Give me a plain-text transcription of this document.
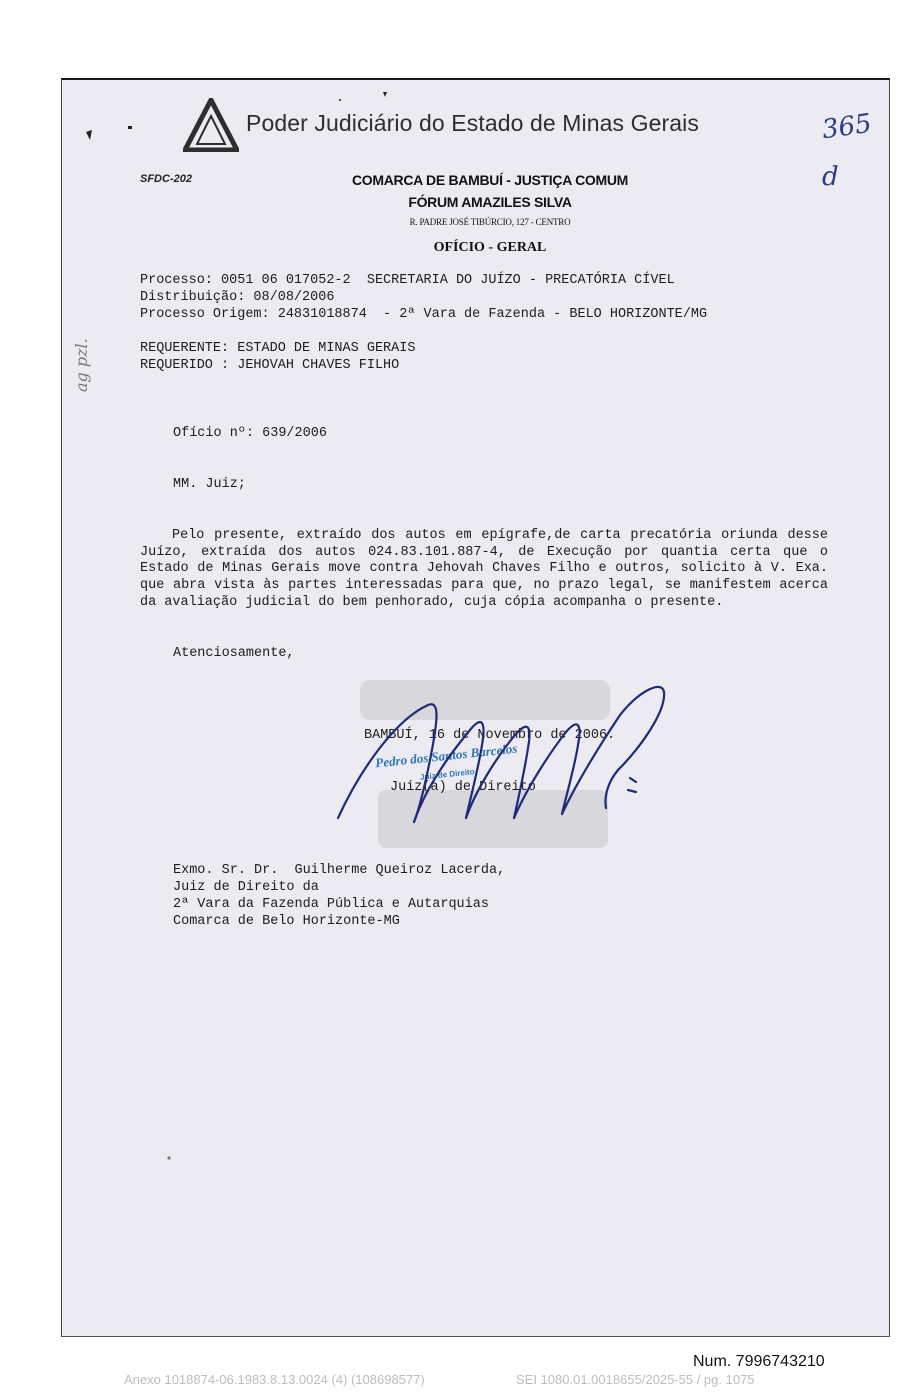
Poder Judiciário do Estado de Minas Gerais
SFDC-202	COMARCA DE BAMBUÍ - JUSTIÇA COMUM
FÓRUM AMAZILES SILVA
R. PADRE JOSÉ TIBÚRCIO, 127 - CENTRO
OFÍCIO - GERAL
Processo: 0051 06 017052-2  SECRETARIA DO JUÍZO - PRECATÓRIA CÍVEL
Distribuição: 08/08/2006
Processo Origem: 24831018874  - 2ª Vara de Fazenda - BELO HORIZONTE/MG
REQUERENTE: ESTADO DE MINAS GERAIS
REQUERIDO : JEHOVAH CHAVES FILHO
Ofício nº: 639/2006
MM. Juiz;

Pelo presente, extraído dos autos em epígrafe,de carta precatória oriunda desse Juízo, extraída dos autos 024.83.101.887-4, de Execução por quantia certa que o Estado de Minas Gerais move contra Jehovah Chaves Filho e outros, solicito à V. Exa. que abra vista às partes interessadas para que, no prazo legal, se manifestem acerca da avaliação judicial do bem penhorado, cuja cópia acompanha o presente.

Atenciosamente,
BAMBUÍ, 16 de Novembro de 2006.
Pedro dos Santos Barcelos
Juiz de Direito
Juiz(a) de Direito
Exmo. Sr. Dr.  Guilherme Queiroz Lacerda,
Juiz de Direito da
2ª Vara da Fazenda Pública e Autarquias
Comarca de Belo Horizonte-MG
365
d
ag pzl.
Num. 7996743210
Anexo 1018874-06.1983.8.13.0024 (4) (108698577)	SEI 1080.01.0018655/2025-55 / pg. 1075
